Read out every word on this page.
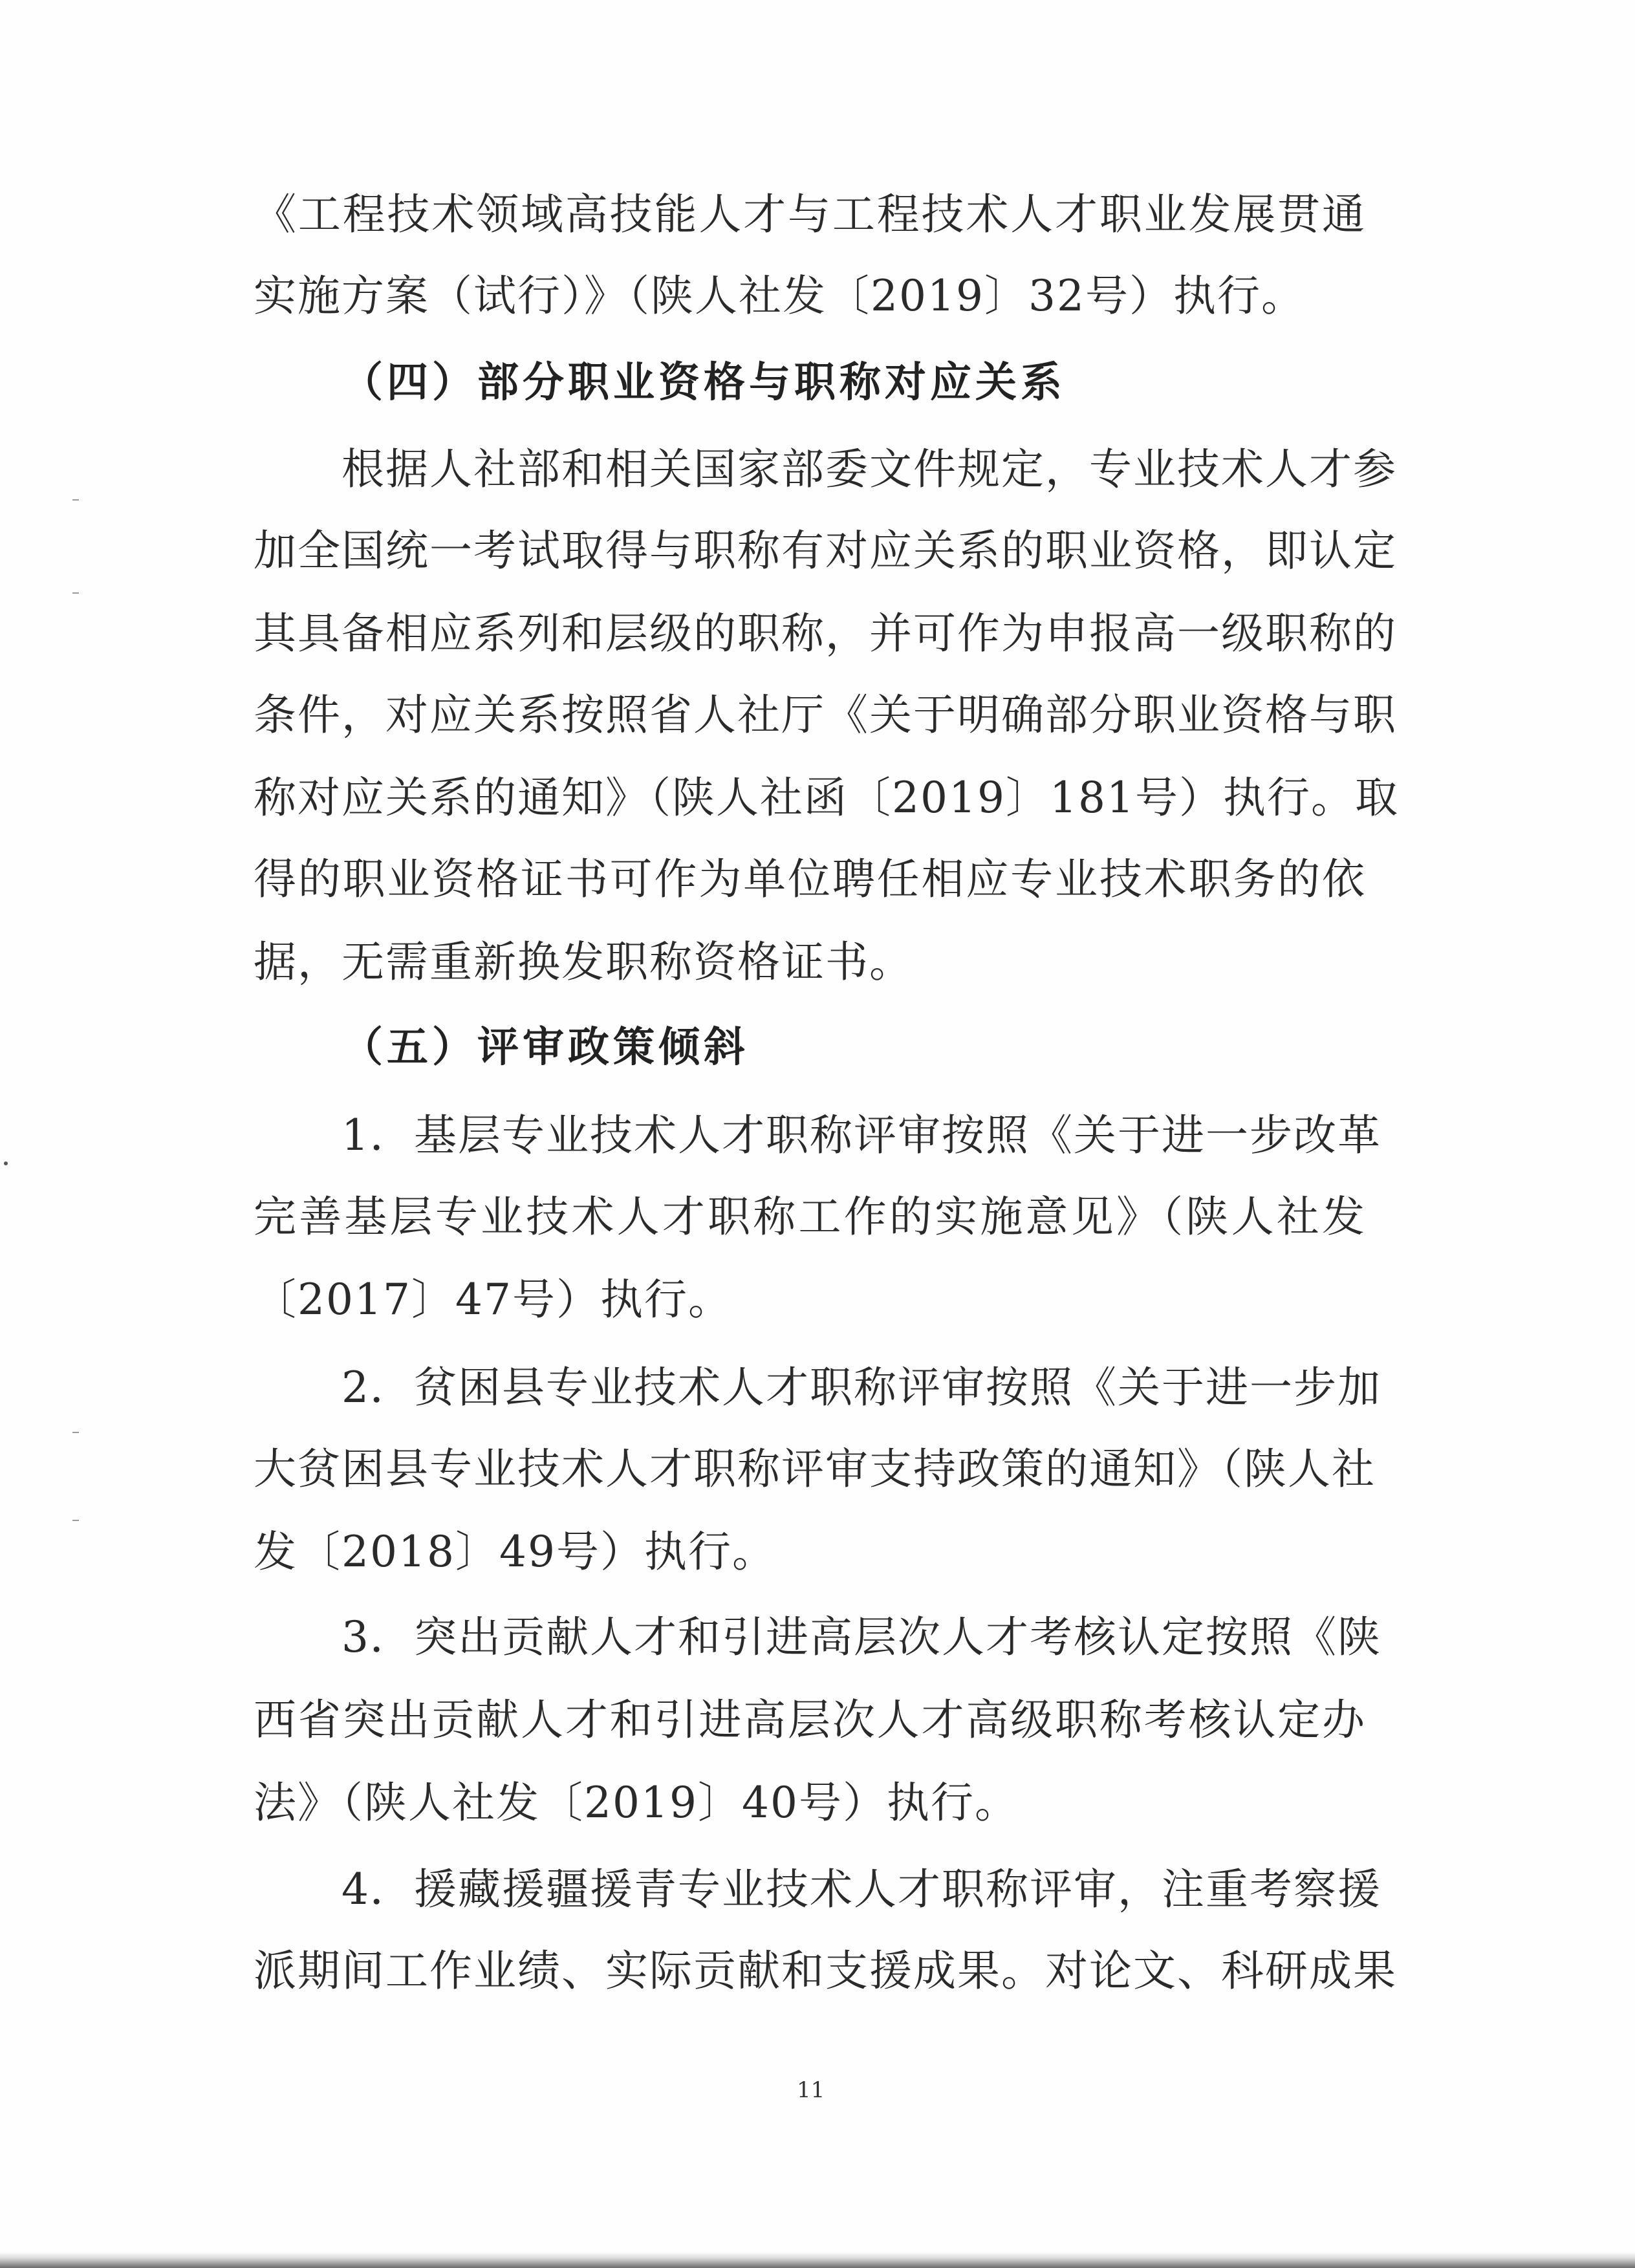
《工程技术领域高技能人才与工程技术人才职业发展贯通
实施方案（试行）》（陕人社发〔2019〕32号）执行。
（四）部分职业资格与职称对应关系
根据人社部和相关国家部委文件规定，专业技术人才参
加全国统一考试取得与职称有对应关系的职业资格，即认定
其具备相应系列和层级的职称，并可作为申报高一级职称的
条件，对应关系按照省人社厅《关于明确部分职业资格与职
称对应关系的通知》（陕人社函〔2019〕181号）执行。取
得的职业资格证书可作为单位聘任相应专业技术职务的依
据，无需重新换发职称资格证书。
（五）评审政策倾斜
1．基层专业技术人才职称评审按照《关于进一步改革
完善基层专业技术人才职称工作的实施意见》（陕人社发
〔2017〕47号）执行。
2．贫困县专业技术人才职称评审按照《关于进一步加
大贫困县专业技术人才职称评审支持政策的通知》（陕人社
发〔2018〕49号）执行。
3．突出贡献人才和引进高层次人才考核认定按照《陕
西省突出贡献人才和引进高层次人才高级职称考核认定办
法》（陕人社发〔2019〕40号）执行。
4．援藏援疆援青专业技术人才职称评审，注重考察援
派期间工作业绩、实际贡献和支援成果。对论文、科研成果
11
